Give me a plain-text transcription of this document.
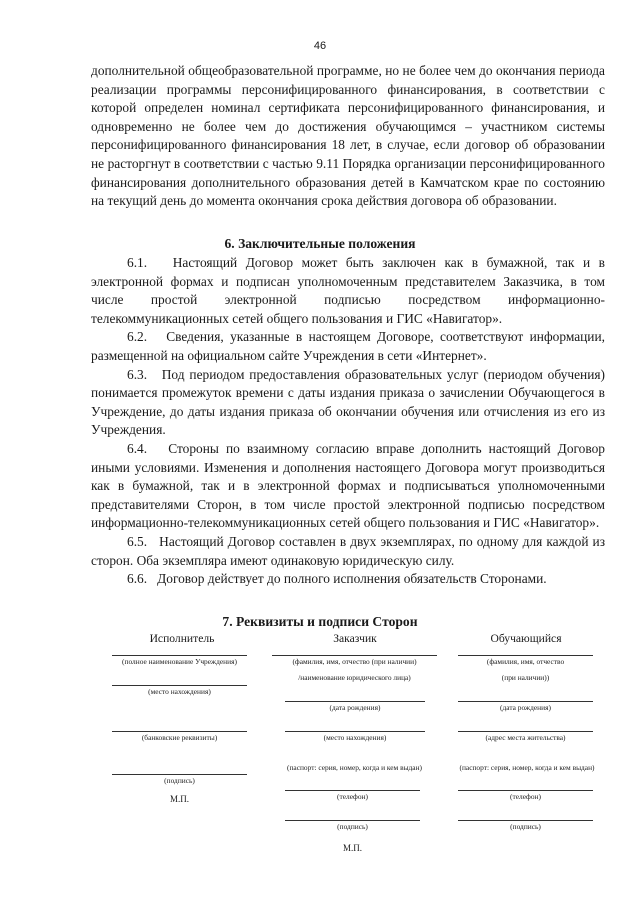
46

дополнительной общеобразовательной программе, но не более чем до окончания периода реализации программы персонифицированного финансирования, в соответствии с которой определен номинал сертификата персонифицированного финансирования, и одновременно не более чем до достижения обучающимся – участником системы персонифицированного финансирования 18 лет, в случае, если договор об образовании не расторгнут в соответствии с частью 9.11 Порядка организации персонифицированного финансирования дополнительного образования детей в Камчатском крае по состоянию на текущий день до момента окончания срока действия договора об образовании.

6. Заключительные положения

6.1.   Настоящий Договор может быть заключен как в бумажной, так и в электронной формах и подписан уполномоченным представителем Заказчика, в том числе простой электронной подписью посредством информационно-телекоммуникационных сетей общего пользования и ГИС «Навигатор».

6.2.   Сведения, указанные в настоящем Договоре, соответствуют информации, размещенной на официальном сайте Учреждения в сети «Интернет».

6.3.   Под периодом предоставления образовательных услуг (периодом обучения) понимается промежуток времени с даты издания приказа о зачислении Обучающегося в Учреждение, до даты издания приказа об окончании обучения или отчисления из его из Учреждения.

6.4.   Стороны по взаимному согласию вправе дополнить настоящий Договор иными условиями. Изменения и дополнения настоящего Договора могут производиться как в бумажной, так и в электронной формах и подписываться уполномоченными представителями Сторон, в том числе простой электронной подписью посредством информационно-телекоммуникационных сетей общего пользования и ГИС «Навигатор».

6.5.   Настоящий Договор составлен в двух экземплярах, по одному для каждой из сторон. Оба экземпляра имеют одинаковую юридическую силу.

6.6.   Договор действует до полного исполнения обязательств Сторонами.

7. Реквизиты и подписи Сторон
Исполнитель	Заказчик	Обучающийся
(полное наименование Учреждения)
(место нахождения)
(банковские реквизиты)
(подпись)
М.П.
(фамилия, имя, отчество (при наличии)
/наименование юридического лица)
(дата рождения)
(место нахождения)
(паспорт: серия, номер, когда и кем выдан)
(телефон)
(подпись)
М.П.
(фамилия, имя, отчество
(при наличии))
(дата рождения)
(адрес места жительства)
(паспорт: серия, номер, когда и кем выдан)
(телефон)
(подпись)
